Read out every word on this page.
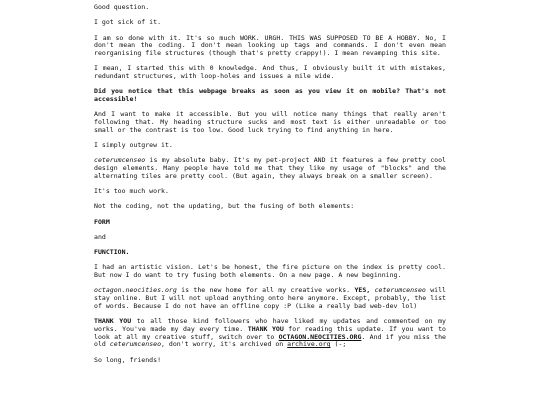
Good question.

I got sick of it.

I am so done with it. It's so much WORK. URGH. THIS WAS SUPPOSED TO BE A HOBBY. No, I don't mean the coding. I don't mean looking up tags and commands. I don't even mean reorganising file structures (though that's pretty crappy!). I mean revamping this site.

I mean, I started this with 0 knowledge. And thus, I obviously built it with mistakes, redundant structures, with loop-holes and issues a mile wide.

Did you notice that this webpage breaks as soon as you view it on mobile? That's not accessible!

And I want to make it accessible. But you will notice many things that really aren't following that. My heading structure sucks and most text is either unreadable or too small or the contrast is too low. Good luck trying to find anything in here.

I simply outgrew it.

ceterumcenseo is my absolute baby. It's my pet-project AND it features a few pretty cool design elements. Many people have told me that they like my usage of "blocks" and the alternating tiles are pretty cool. (But again, they always break on a smaller screen).

It's too much work.

Not the coding, not the updating, but the fusing of both elements:

FORM

and

FUNCTION.

I had an artistic vision. Let's be honest, the fire picture on the index is pretty cool. But now I do want to try fusing both elements. On a new page. A new beginning.

octagon.neocities.org is the new home for all my creative works. YES, ceterumcenseo will stay online. But I will not upload anything onto here anymore. Except, probably, the list of words. Because I do not have an offline copy :P (Like a really bad web-dev lol)

THANK YOU to all those kind followers who have liked my updates and commented on my works. You've made my day every time. THANK YOU for reading this update. If you want to look at all my creative stuff, switch over to OCTAGON.NEOCITIES.ORG. And if you miss the old ceterumcenseo, don't worry, it's archived on archive.org (-;

So long, friends!
